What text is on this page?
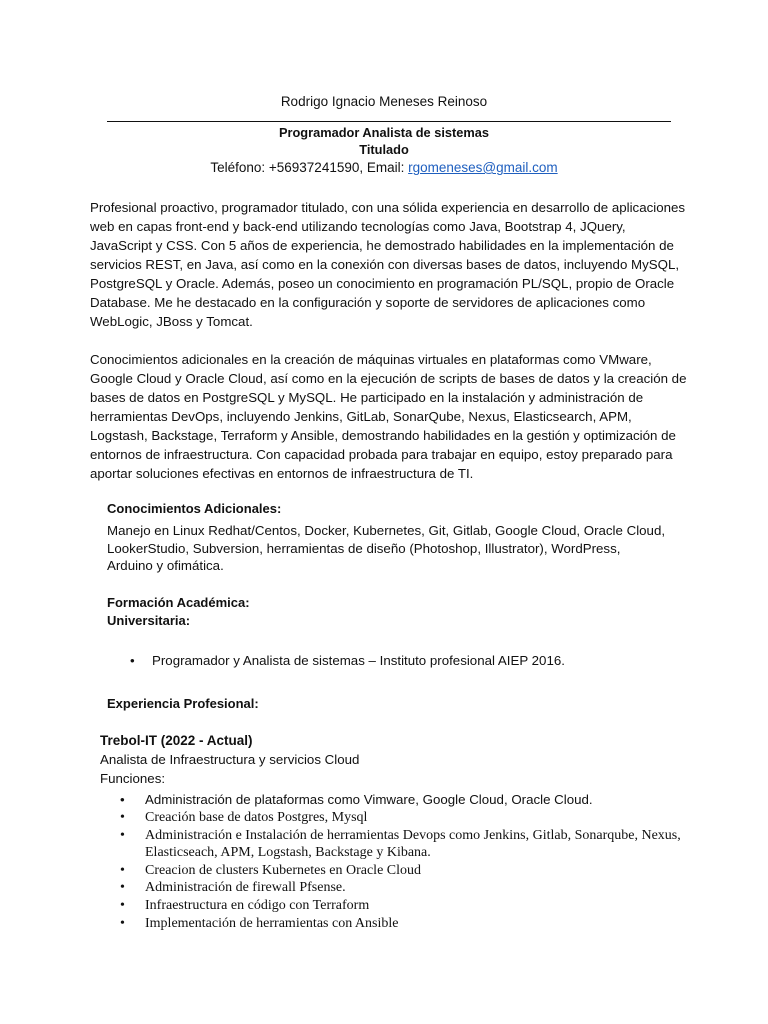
Rodrigo Ignacio Meneses Reinoso
Programador Analista de sistemas
Titulado
Teléfono: +56937241590, Email: rgomeneses@gmail.com
Profesional proactivo, programador titulado, con una sólida experiencia en desarrollo de aplicaciones web en capas front-end y back-end utilizando tecnologías como Java, Bootstrap 4, JQuery, JavaScript y CSS. Con 5 años de experiencia, he demostrado habilidades en la implementación de servicios REST, en Java, así como en la conexión con diversas bases de datos, incluyendo MySQL, PostgreSQL y Oracle. Además, poseo un conocimiento en programación PL/SQL, propio de Oracle Database. Me he destacado en la configuración y soporte de servidores de aplicaciones como WebLogic, JBoss y Tomcat.
Conocimientos adicionales en la creación de máquinas virtuales en plataformas como VMware, Google Cloud y Oracle Cloud, así como en la ejecución de scripts de bases de datos y la creación de bases de datos en PostgreSQL y MySQL. He participado en la instalación y administración de herramientas DevOps, incluyendo Jenkins, GitLab, SonarQube, Nexus, Elasticsearch, APM, Logstash, Backstage, Terraform y Ansible, demostrando habilidades en la gestión y optimización de entornos de infraestructura. Con capacidad probada para trabajar en equipo, estoy preparado para aportar soluciones efectivas en entornos de infraestructura de TI.
Conocimientos Adicionales:
Manejo en Linux Redhat/Centos, Docker, Kubernetes, Git, Gitlab, Google Cloud, Oracle Cloud, LookerStudio, Subversion, herramientas de diseño (Photoshop, Illustrator), WordPress, Arduino y ofimática.
Formación Académica:
Universitaria:
• Programador y Analista de sistemas – Instituto profesional AIEP 2016.
Experiencia Profesional:
Trebol-IT (2022 - Actual)
Analista de Infraestructura y servicios Cloud
Funciones:
• Administración de plataformas como Vimware, Google Cloud, Oracle Cloud.
• Creación base de datos Postgres, Mysql
• Administración e Instalación de herramientas Devops como Jenkins, Gitlab, Sonarqube, Nexus, Elasticseach, APM, Logstash, Backstage y Kibana.
• Creacion de clusters Kubernetes en Oracle Cloud
• Administración de firewall Pfsense.
• Infraestructura en código con Terraform
• Implementación de herramientas con Ansible
